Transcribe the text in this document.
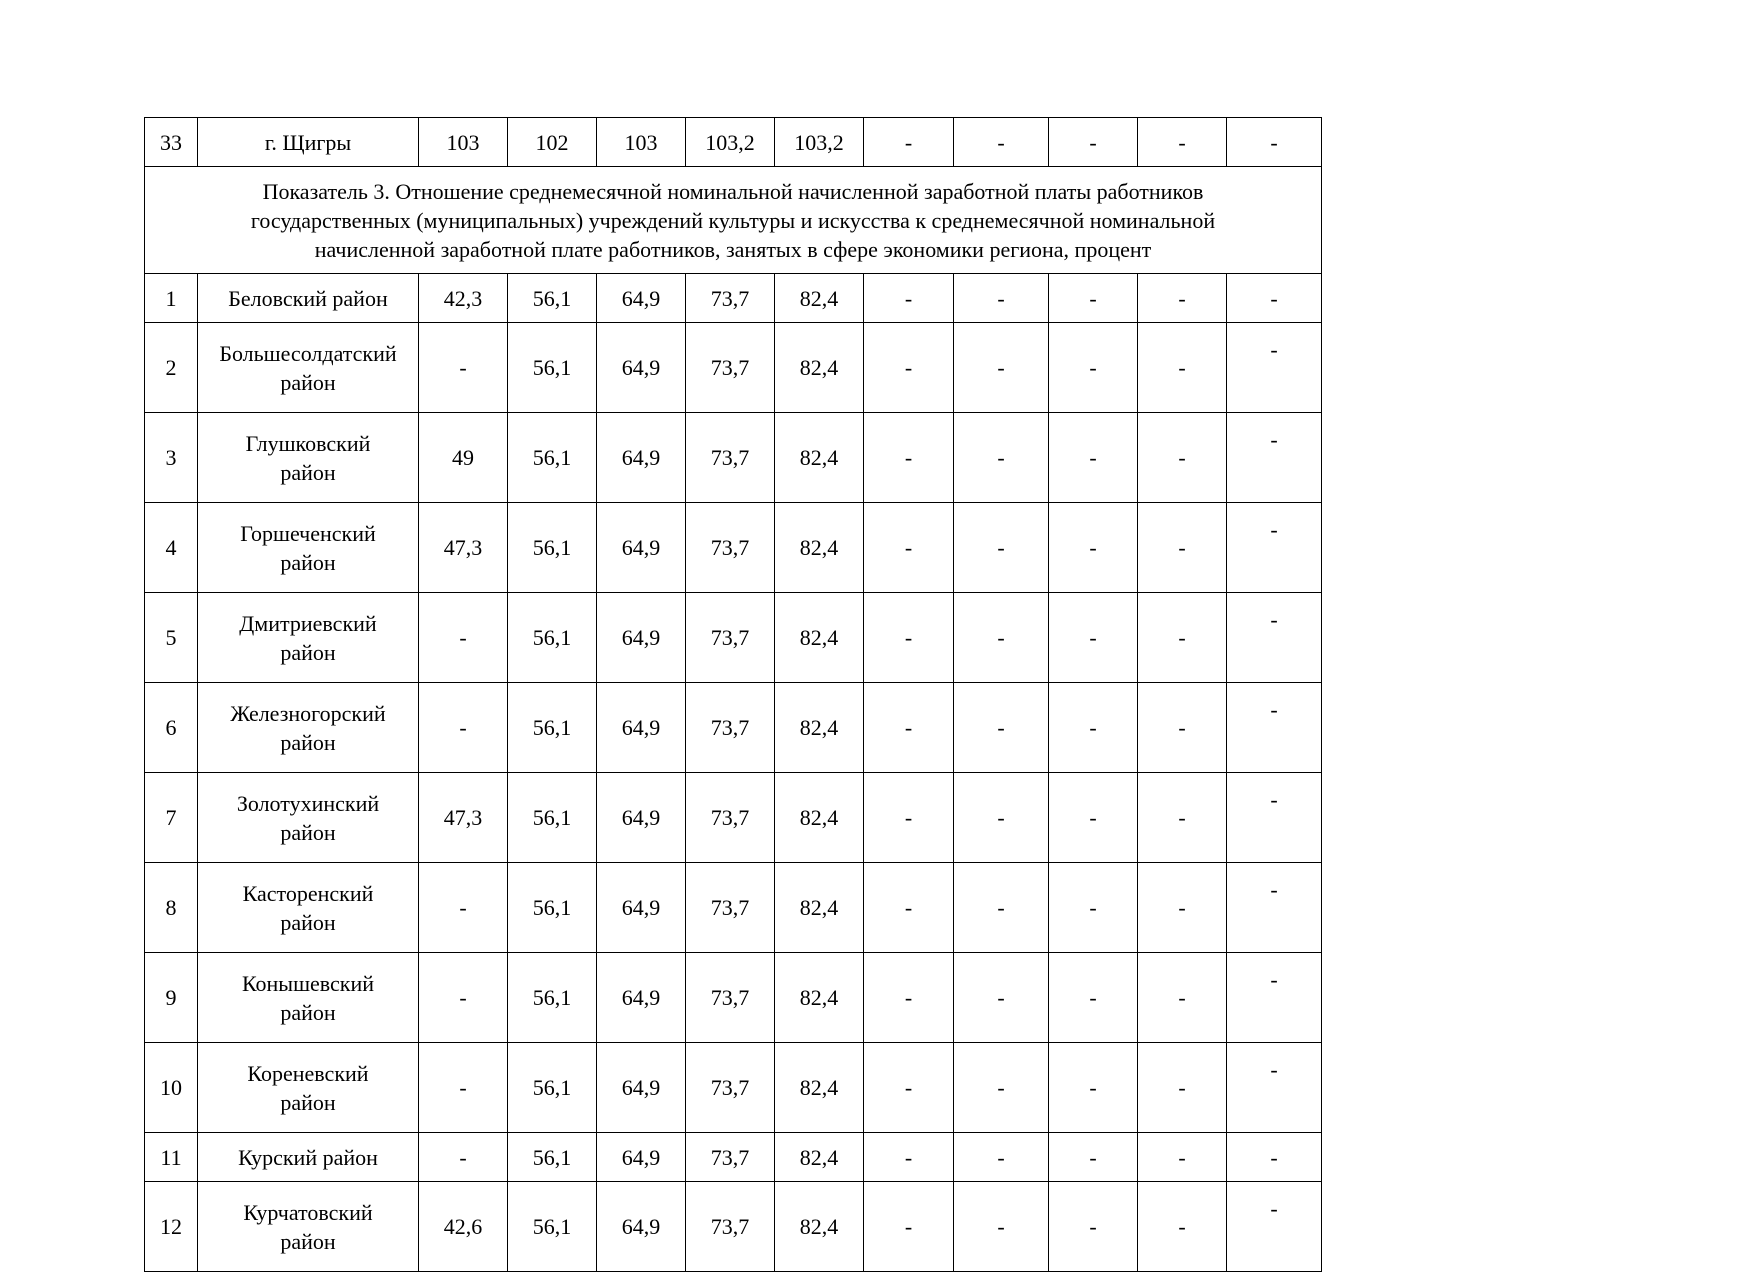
33	г. Щигры	103	102	103	103,2	103,2	-	-	-	-	-

Показатель 3. Отношение среднемесячной номинальной начисленной заработной платы работников
государственных (муниципальных) учреждений культуры и искусства к среднемесячной номинальной
начисленной заработной плате работников, занятых в сфере экономики региона, процент											

1	Беловский район	42,3	56,1	64,9	73,7	82,4	-	-	-	-	-
2	Большесолдатский
район	-	56,1	64,9	73,7	82,4	-	-	-	-	-
3	Глушковский
район	49	56,1	64,9	73,7	82,4	-	-	-	-	-
4	Горшеченский
район	47,3	56,1	64,9	73,7	82,4	-	-	-	-	-
5	Дмитриевский
район	-	56,1	64,9	73,7	82,4	-	-	-	-	-
6	Железногорский
район	-	56,1	64,9	73,7	82,4	-	-	-	-	-
7	Золотухинский
район	47,3	56,1	64,9	73,7	82,4	-	-	-	-	-
8	Касторенский
район	-	56,1	64,9	73,7	82,4	-	-	-	-	-
9	Конышевский
район	-	56,1	64,9	73,7	82,4	-	-	-	-	-
10	Кореневский
район	-	56,1	64,9	73,7	82,4	-	-	-	-	-
11	Курский район	-	56,1	64,9	73,7	82,4	-	-	-	-	-
12	Курчатовский
район	42,6	56,1	64,9	73,7	82,4	-	-	-	-	-
